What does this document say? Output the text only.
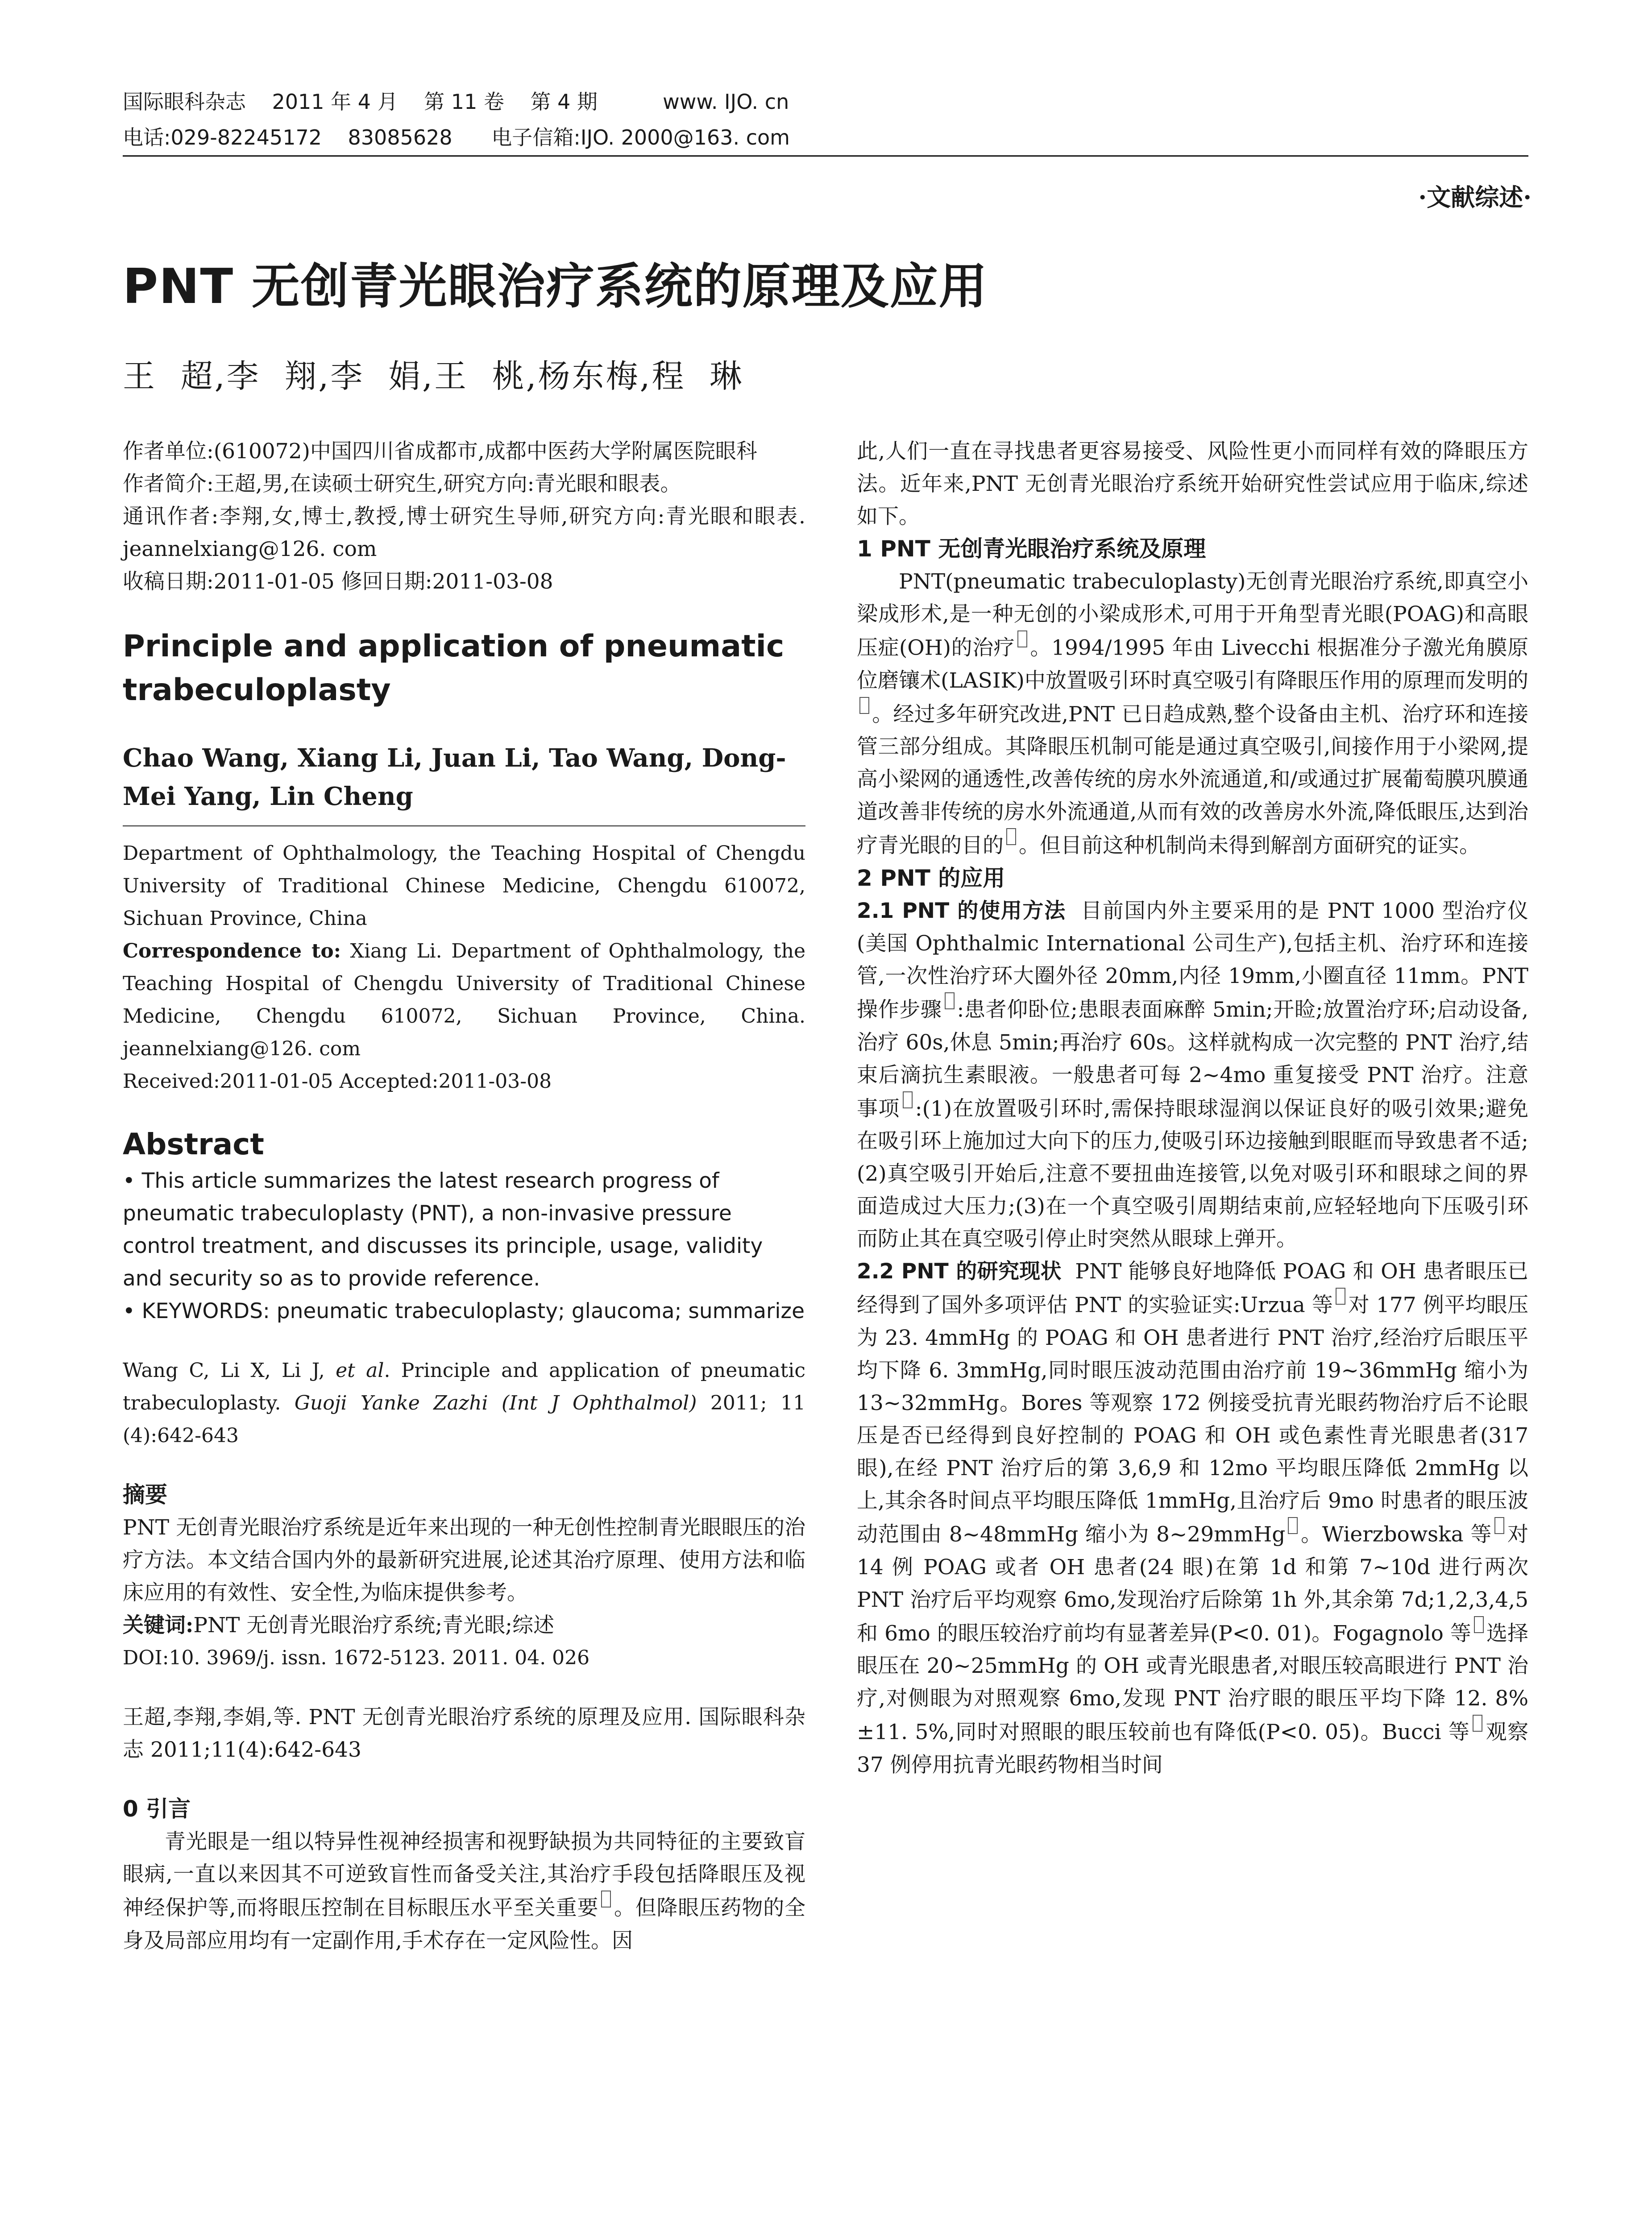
国际眼科杂志    2011 年 4 月    第 11 卷    第 4 期          www. IJO. cn
电话:029-82245172    83085628      电子信箱:IJO. 2000@163. com
·文献综述·
PNT 无创青光眼治疗系统的原理及应用
王  超,李  翔,李  娟,王  桃,杨东梅,程  琳

作者单位:(610072)中国四川省成都市,成都中医药大学附属医院眼科

作者简介:王超,男,在读硕士研究生,研究方向:青光眼和眼表。

通讯作者:李翔,女,博士,教授,博士研究生导师,研究方向:青光眼和眼表. jeannelxiang@126. com

收稿日期:2011-01-05 修回日期:2011-03-08

Principle and application of pneumatic trabeculoplasty

Chao Wang, Xiang Li, Juan Li, Tao Wang, Dong-Mei Yang, Lin Cheng

Department of Ophthalmology, the Teaching Hospital of Chengdu University of Traditional Chinese Medicine, Chengdu 610072, Sichuan Province, China

Correspondence to: Xiang Li. Department of Ophthalmology, the Teaching Hospital of Chengdu University of Traditional Chinese Medicine, Chengdu 610072, Sichuan Province, China. jeannelxiang@126. com

Received:2011-01-05 Accepted:2011-03-08

Abstract

• This article summarizes the latest research progress of pneumatic trabeculoplasty (PNT), a non-invasive pressure control treatment, and discusses its principle, usage, validity and security so as to provide reference.

• KEYWORDS: pneumatic trabeculoplasty; glaucoma; summarize

Wang C, Li X, Li J, et al. Principle and application of pneumatic trabeculoplasty. Guoji Yanke Zazhi (Int J Ophthalmol) 2011; 11 (4):642-643

摘要

PNT 无创青光眼治疗系统是近年来出现的一种无创性控制青光眼眼压的治疗方法。本文结合国内外的最新研究进展,论述其治疗原理、使用方法和临床应用的有效性、安全性,为临床提供参考。

关键词:PNT 无创青光眼治疗系统;青光眼;综述

DOI:10. 3969/j. issn. 1672-5123. 2011. 04. 026

王超,李翔,李娟,等. PNT 无创青光眼治疗系统的原理及应用. 国际眼科杂志 2011;11(4):642-643

0 引言

青光眼是一组以特异性视神经损害和视野缺损为共同特征的主要致盲眼病,一直以来因其不可逆致盲性而备受关注,其治疗手段包括降眼压及视神经保护等,而将眼压控制在目标眼压水平至关重要 。但降眼压药物的全身及局部应用均有一定副作用,手术存在一定风险性。因

此,人们一直在寻找患者更容易接受、风险性更小而同样有效的降眼压方法。近年来,PNT 无创青光眼治疗系统开始研究性尝试应用于临床,综述如下。

1 PNT 无创青光眼治疗系统及原理

PNT(pneumatic trabeculoplasty)无创青光眼治疗系统,即真空小梁成形术,是一种无创的小梁成形术,可用于开角型青光眼(POAG)和高眼压症(OH)的治疗 。1994/1995 年由 Livecchi 根据准分子激光角膜原位磨镶术(LASIK)中放置吸引环时真空吸引有降眼压作用的原理而发明的。经过多年研究改进,PNT 已日趋成熟,整个设备由主机、治疗环和连接管三部分组成。其降眼压机制可能是通过真空吸引,间接作用于小梁网,提高小梁网的通透性,改善传统的房水外流通道,和/或通过扩展葡萄膜巩膜通道改善非传统的房水外流通道,从而有效的改善房水外流,降低眼压,达到治疗青光眼的目的 。但目前这种机制尚未得到解剖方面研究的证实。

2 PNT 的应用

2.1 PNT 的使用方法 目前国内外主要采用的是 PNT 1000 型治疗仪(美国 Ophthalmic International 公司生产),包括主机、治疗环和连接管,一次性治疗环大圈外径 20mm,内径 19mm,小圈直径 11mm。PNT 操作步骤 :患者仰卧位;患眼表面麻醉 5min;开睑;放置治疗环;启动设备,治疗 60s,休息 5min;再治疗 60s。这样就构成一次完整的 PNT 治疗,结束后滴抗生素眼液。一般患者可每 2~4mo 重复接受 PNT 治疗。注意事项 :(1)在放置吸引环时,需保持眼球湿润以保证良好的吸引效果;避免在吸引环上施加过大向下的压力,使吸引环边接触到眼眶而导致患者不适;(2)真空吸引开始后,注意不要扭曲连接管,以免对吸引环和眼球之间的界面造成过大压力;(3)在一个真空吸引周期结束前,应轻轻地向下压吸引环而防止其在真空吸引停止时突然从眼球上弹开。

2.2 PNT 的研究现状 PNT 能够良好地降低 POAG 和 OH 患者眼压已经得到了国外多项评估 PNT 的实验证实:Urzua 等 对 177 例平均眼压为 23. 4mmHg 的 POAG 和 OH 患者进行 PNT 治疗,经治疗后眼压平均下降 6. 3mmHg,同时眼压波动范围由治疗前 19~36mmHg 缩小为 13~32mmHg。Bores 等观察 172 例接受抗青光眼药物治疗后不论眼压是否已经得到良好控制的 POAG 和 OH 或色素性青光眼患者(317 眼),在经 PNT 治疗后的第 3,6,9 和 12mo 平均眼压降低 2mmHg 以上,其余各时间点平均眼压降低 1mmHg,且治疗后 9mo 时患者的眼压波动范围由 8~48mmHg 缩小为 8~29mmHg 。Wierzbowska 等 对 14 例 POAG 或者 OH 患者(24 眼)在第 1d 和第 7~10d 进行两次 PNT 治疗后平均观察 6mo,发现治疗后除第 1h 外,其余第 7d;1,2,3,4,5 和 6mo 的眼压较治疗前均有显著差异(P<0. 01)。Fogagnolo 等 选择眼压在 20~25mmHg 的 OH 或青光眼患者,对眼压较高眼进行 PNT 治疗,对侧眼为对照观察 6mo,发现 PNT 治疗眼的眼压平均下降 12. 8%±11. 5%,同时对照眼的眼压较前也有降低(P<0. 05)。Bucci 等 观察 37 例停用抗青光眼药物相当时间
